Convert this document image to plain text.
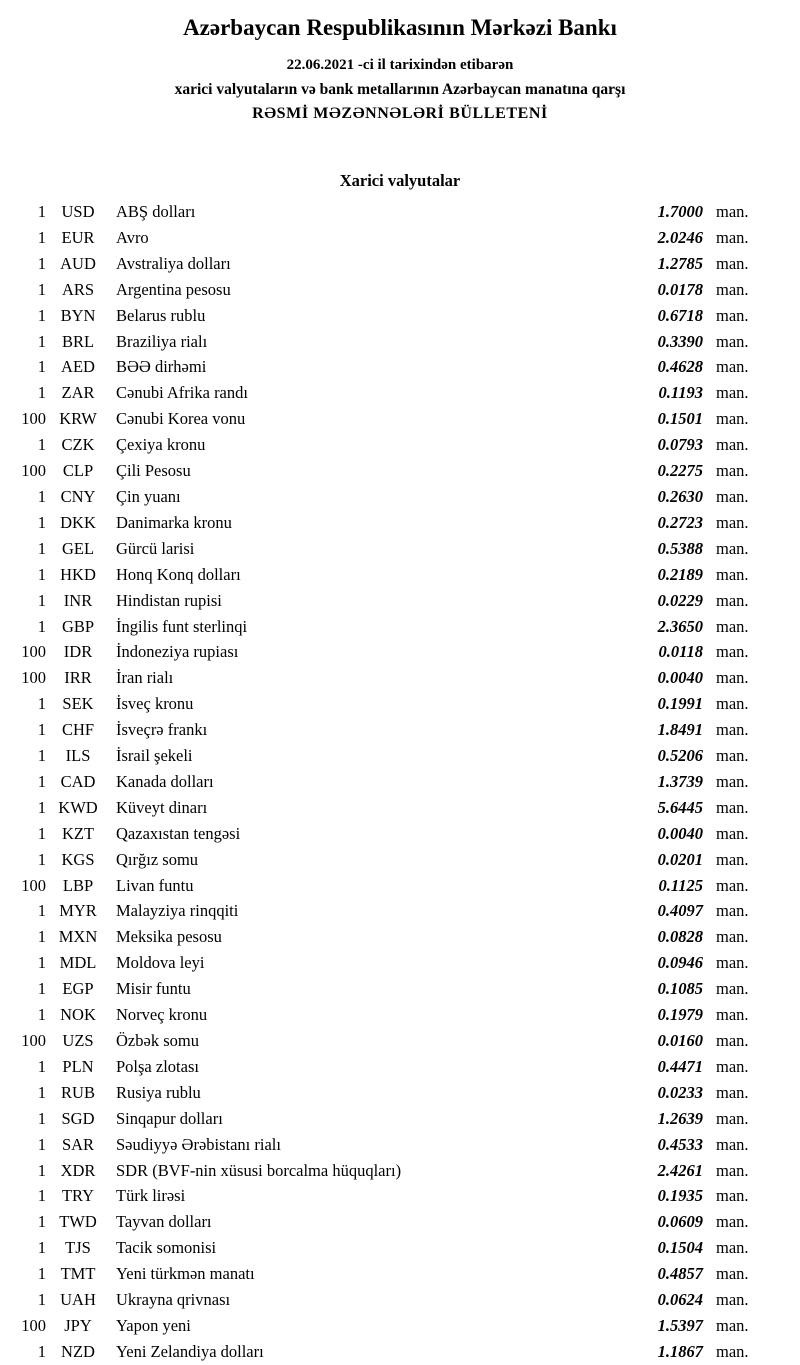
Azərbaycan Respublikasının Mərkəzi Bankı
22.06.2021 -ci il tarixindən etibarən
xarici valyutaların və bank metallarının Azərbaycan manatına qarşı
RƏSMİ MƏZƏNNƏLƏRİ BÜLLETENİ
Xarici valyutalar
1 USD	ABŞ dolları	1.7000 man.
1 EUR	Avro	2.0246 man.
1 AUD	Avstraliya dolları	1.2785 man.
1 ARS	Argentina pesosu	0.0178 man.
1 BYN	Belarus rublu	0.6718 man.
1 BRL	Braziliya rialı	0.3390 man.
1 AED	BƏƏ dirhəmi	0.4628 man.
1 ZAR	Cənubi Afrika randı	0.1193 man.
100 KRW	Cənubi Korea vonu	0.1501 man.
1 CZK	Çexiya kronu	0.0793 man.
100	CLP	Çili Pesosu	0.2275 man.
1 CNY	Çin yuanı	0.2630 man.
1 DKK	Danimarka kronu	0.2723 man.
1 GEL	Gürcü larisi	0.5388 man.
1 HKD	Honq Konq dolları	0.2189 man.
1	INR	Hindistan rupisi	0.0229 man.
1 GBP	İngilis funt sterlinqi	2.3650 man.
100	IDR	İndoneziya rupiası	0.0118 man.
100	IRR	İran rialı	0.0040 man.
1 SEK	İsveç kronu	0.1991 man.
1 CHF	İsveçrə frankı	1.8491 man.
1	ILS	İsrail şekeli	0.5206 man.
1 CAD	Kanada dolları	1.3739 man.
1 KWD	Küveyt dinarı	5.6445 man.
1 KZT	Qazaxıstan tengəsi	0.0040 man.
1 KGS	Qırğız somu	0.0201 man.
100	LBP	Livan funtu	0.1125 man.
1 MYR	Malayziya rinqqiti	0.4097 man.
1 MXN	Meksika pesosu	0.0828 man.
1 MDL	Moldova leyi	0.0946 man.
1 EGP	Misir funtu	0.1085 man.
1 NOK	Norveç kronu	0.1979 man.
100 UZS	Özbək somu	0.0160 man.
1 PLN	Polşa zlotası	0.4471 man.
1 RUB	Rusiya rublu	0.0233 man.
1 SGD	Sinqapur dolları	1.2639 man.
1 SAR	Səudiyyə Ərəbistanı rialı	0.4533 man.
1 XDR	SDR (BVF-nin xüsusi borcalma hüquqları)	2.4261 man.
1 TRY	Türk lirəsi	0.1935 man.
1 TWD	Tayvan dolları	0.0609 man.
1	TJS	Tacik somonisi	0.1504 man.
1 TMT	Yeni türkmən manatı	0.4857 man.
1 UAH	Ukrayna qrivnası	0.0624 man.
100	JPY	Yapon yeni	1.5397 man.
1 NZD	Yeni Zelandiya dolları	1.1867 man.
